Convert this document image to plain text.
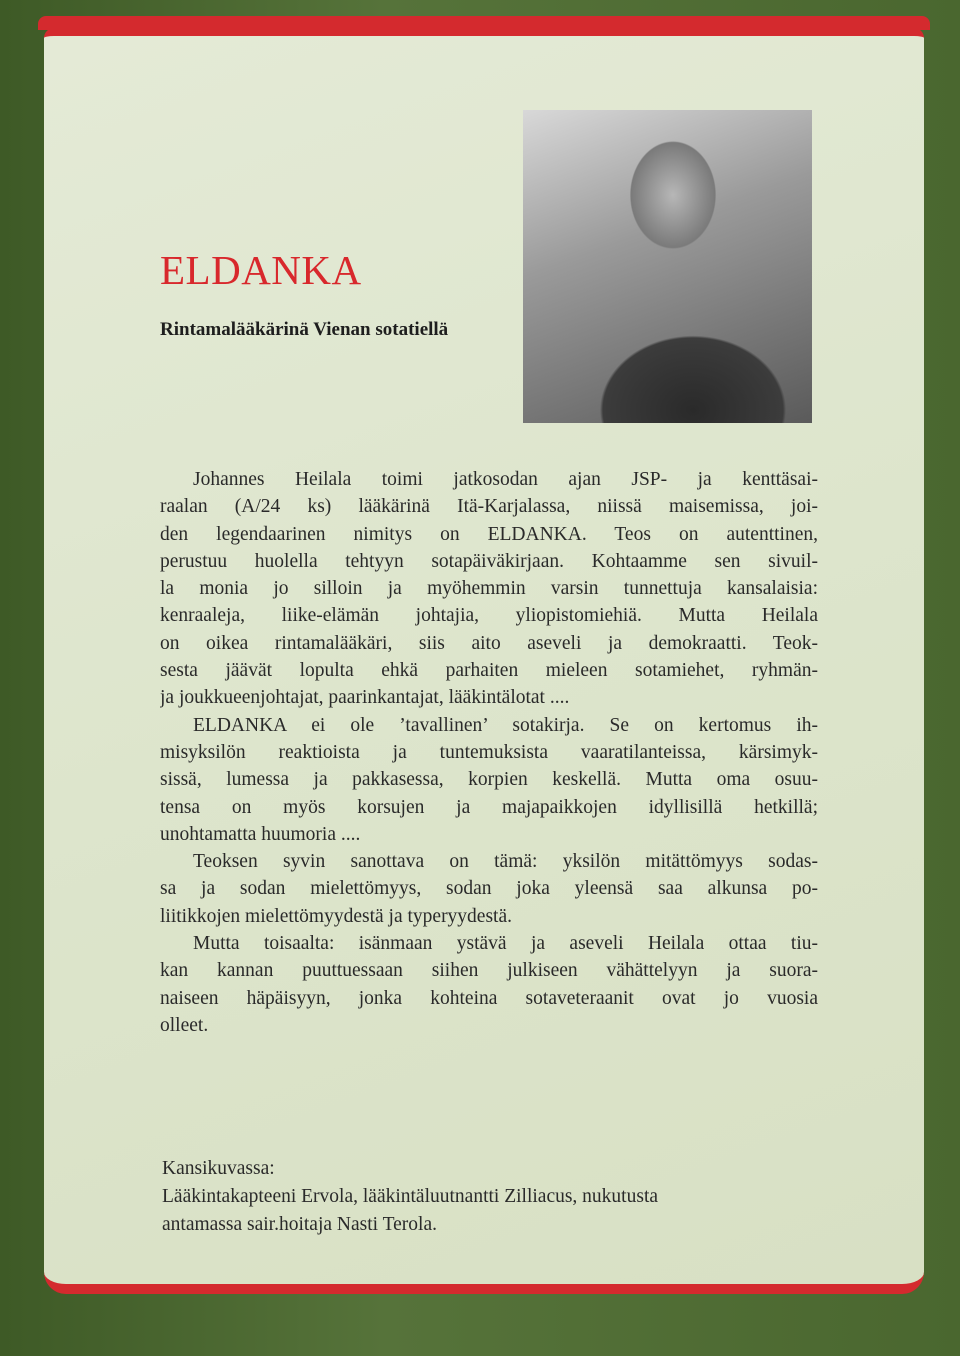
ELDANKA
Rintamalääkärinä Vienan sotatiellä
Johannes Heilala toimi jatkosodan ajan JSP- ja kenttäsai-
raalan (A/24 ks) lääkärinä Itä-Karjalassa, niissä maisemissa, joi-
den legendaarinen nimitys on ELDANKA. Teos on autenttinen,
perustuu huolella tehtyyn sotapäiväkirjaan. Kohtaamme sen sivuil-
la monia jo silloin ja myöhemmin varsin tunnettuja kansalaisia:
kenraaleja, liike-elämän johtajia, yliopistomiehiä. Mutta Heilala
on oikea rintamalääkäri, siis aito aseveli ja demokraatti. Teok-
sesta jäävät lopulta ehkä parhaiten mieleen sotamiehet, ryhmän-
ja joukkueenjohtajat, paarinkantajat, lääkintälotat ....
ELDANKA ei ole ’tavallinen’ sotakirja. Se on kertomus ih-
misyksilön reaktioista ja tuntemuksista vaaratilanteissa, kärsimyk-
sissä, lumessa ja pakkasessa, korpien keskellä. Mutta oma osuu-
tensa on myös korsujen ja majapaikkojen idyllisillä hetkillä;
unohtamatta huumoria ....
Teoksen syvin sanottava on tämä: yksilön mitättömyys sodas-
sa ja sodan mielettömyys, sodan joka yleensä saa alkunsa po-
liitikkojen mielettömyydestä ja typeryydestä.
Mutta toisaalta: isänmaan ystävä ja aseveli Heilala ottaa tiu-
kan kannan puuttuessaan siihen julkiseen vähättelyyn ja suora-
naiseen häpäisyyn, jonka kohteina sotaveteraanit ovat jo vuosia
olleet.
Kansikuvassa:
Lääkintakapteeni Ervola, lääkintäluutnantti Zilliacus, nukutusta
antamassa sair.hoitaja Nasti Terola.
